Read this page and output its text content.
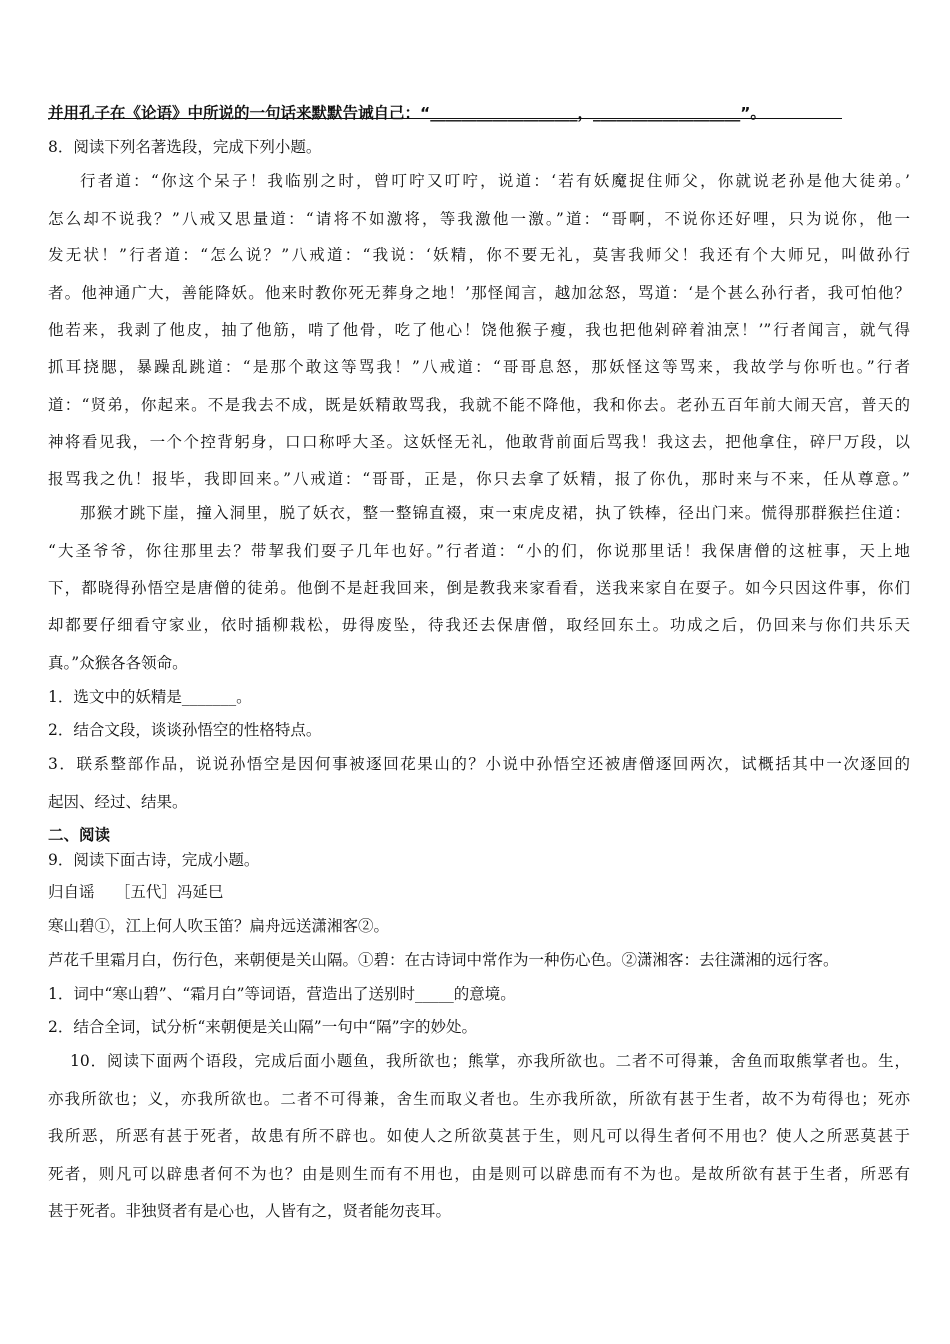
并用孔子在《论语》中所说的一句话来默默告诫自己：“___________________，___________________”。
8．阅读下列名著选段，完成下列小题。
行者道：“你这个呆子！我临别之时，曾叮咛又叮咛，说道：‘若有妖魔捉住师父，你就说老孙是他大徒弟。’
怎么却不说我？”八戒又思量道：“请将不如激将，等我激他一激。”道：“哥啊，不说你还好哩，只为说你，他一
发无状！”行者道：“怎么说？”八戒道：“我说：‘妖精，你不要无礼，莫害我师父！我还有个大师兄，叫做孙行
者。他神通广大，善能降妖。他来时教你死无葬身之地！’那怪闻言，越加忿怒，骂道：‘是个甚么孙行者，我可怕他？
他若来，我剥了他皮，抽了他筋，啃了他骨，吃了他心！饶他猴子瘦，我也把他剁碎着油烹！’”行者闻言，就气得
抓耳挠腮，暴躁乱跳道：“是那个敢这等骂我！”八戒道：“哥哥息怒，那妖怪这等骂来，我故学与你听也。”行者
道：“贤弟，你起来。不是我去不成，既是妖精敢骂我，我就不能不降他，我和你去。老孙五百年前大闹天宫，普天的
神将看见我，一个个控背躬身，口口称呼大圣。这妖怪无礼，他敢背前面后骂我！我这去，把他拿住，碎尸万段，以
报骂我之仇！报毕，我即回来。”八戒道：“哥哥，正是，你只去拿了妖精，报了你仇，那时来与不来，任从尊意。”
那猴才跳下崖，撞入洞里，脱了妖衣，整一整锦直裰，束一束虎皮裙，执了铁棒，径出门来。慌得那群猴拦住道：
“大圣爷爷，你往那里去？带挈我们耍子几年也好。”行者道：“小的们，你说那里话！我保唐僧的这桩事，天上地
下，都晓得孙悟空是唐僧的徒弟。他倒不是赶我回来，倒是教我来家看看，送我来家自在耍子。如今只因这件事，你们
却都要仔细看守家业，依时插柳栽松，毋得废坠，待我还去保唐僧，取经回东土。功成之后，仍回来与你们共乐天
真。”众猴各各领命。
1．选文中的妖精是_______。
2．结合文段，谈谈孙悟空的性格特点。
3．联系整部作品，说说孙悟空是因何事被逐回花果山的？小说中孙悟空还被唐僧逐回两次，试概括其中一次逐回的
起因、经过、结果。
二、阅读
9．阅读下面古诗，完成小题。
归自谣　 ［五代］冯延巳
寒山碧①，江上何人吹玉笛？扁舟远送潇湘客②。
芦花千里霜月白，伤行色，来朝便是关山隔。①碧：在古诗词中常作为一种伤心色。②潇湘客：去往潇湘的远行客。
1．词中“寒山碧”、“霜月白”等词语，营造出了送别时_____的意境。
2．结合全词，试分析“来朝便是关山隔”一句中“隔”字的妙处。
10．阅读下面两个语段，完成后面小题鱼，我所欲也；熊掌，亦我所欲也。二者不可得兼，舍鱼而取熊掌者也。生，
亦我所欲也；义，亦我所欲也。二者不可得兼，舍生而取义者也。生亦我所欲，所欲有甚于生者，故不为苟得也；死亦
我所恶，所恶有甚于死者，故患有所不辟也。如使人之所欲莫甚于生，则凡可以得生者何不用也？使人之所恶莫甚于
死者，则凡可以辟患者何不为也？由是则生而有不用也，由是则可以辟患而有不为也。是故所欲有甚于生者，所恶有
甚于死者。非独贤者有是心也，人皆有之，贤者能勿丧耳。
